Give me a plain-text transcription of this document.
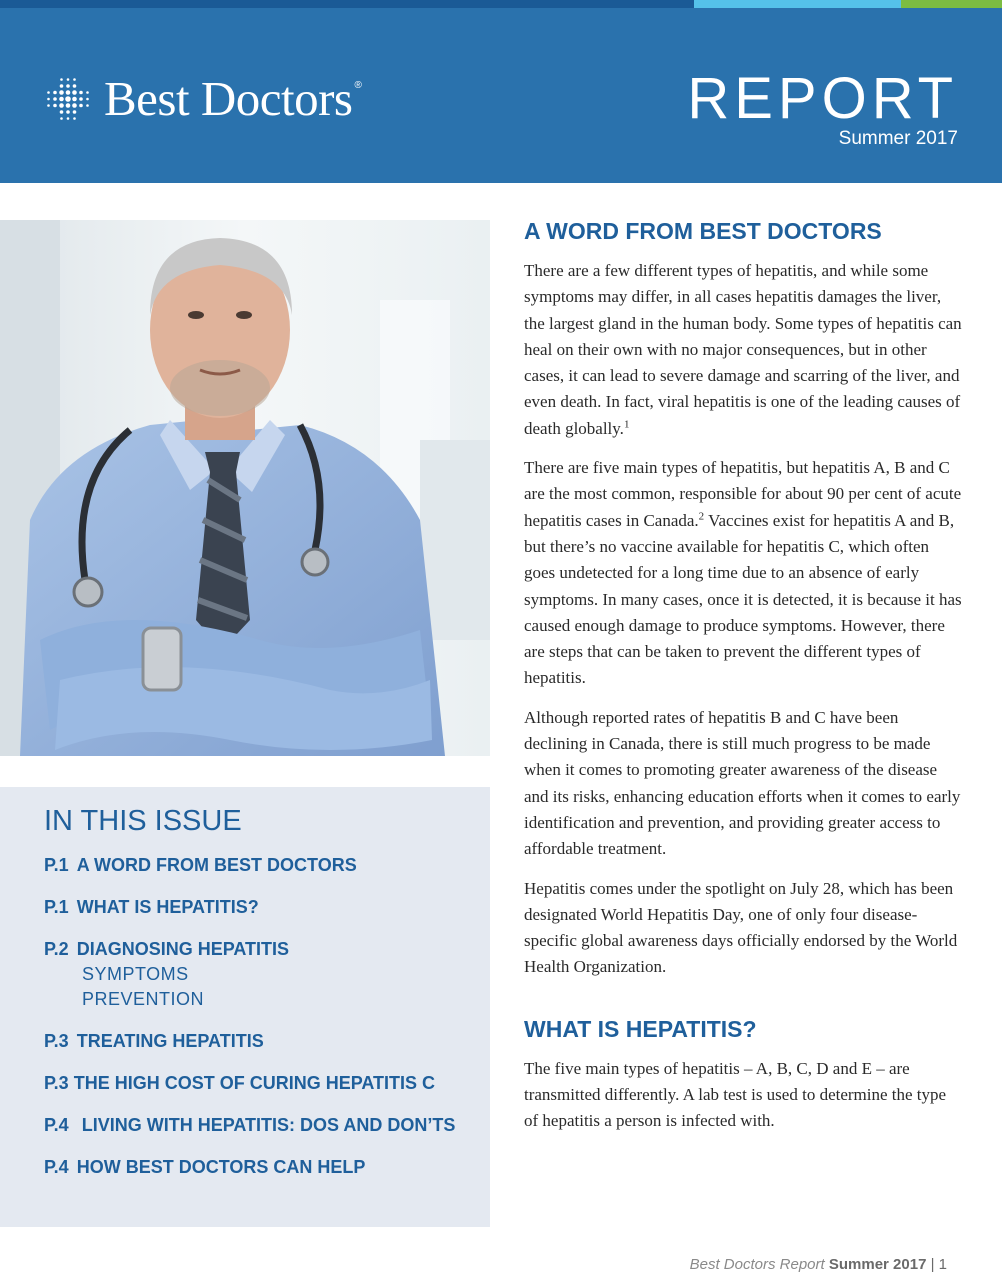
Best Doctors ®	REPORT
Summer 2017
IN THIS ISSUE
P.1 A WORD FROM BEST DOCTORS
P.1 WHAT IS HEPATITIS?
P.2 DIAGNOSING HEPATITIS
SYMPTOMS
PREVENTION
P.3 TREATING HEPATITIS
P.3 THE HIGH COST OF CURING HEPATITIS C
P.4 LIVING WITH HEPATITIS: DOS AND DON’TS
P.4 HOW BEST DOCTORS CAN HELP
A WORD FROM BEST DOCTORS

There are a few different types of hepatitis, and while some symptoms may differ, in all cases hepatitis damages the liver, the largest gland in the human body. Some types of hepatitis can heal on their own with no major consequences, but in other cases, it can lead to severe damage and scarring of the liver, and even death. In fact, viral hepatitis is one of the leading causes of death globally.$^1$

There are five main types of hepatitis, but hepatitis A, B and C are the most common, responsible for about 90 per cent of acute hepatitis cases in Canada.$^2$ Vaccines exist for hepatitis A and B, but there’s no vaccine available for hepatitis C, which often goes undetected for a long time due to an absence of early symptoms. In many cases, once it is detected, it is because it has caused enough damage to produce symptoms. However, there are steps that can be taken to prevent the different types of hepatitis.

Although reported rates of hepatitis B and C have been declining in Canada, there is still much progress to be made when it comes to promoting greater awareness of the disease and its risks, enhancing education efforts when it comes to early identification and prevention, and providing greater access to affordable treatment.

Hepatitis comes under the spotlight on July 28, which has been designated World Hepatitis Day, one of only four disease-specific global awareness days officially endorsed by the World Health Organization.

WHAT IS HEPATITIS?

The five main types of hepatitis – A, B, C, D and E – are transmitted differently. A lab test is used to determine the type of hepatitis a person is infected with.

Best Doctors Report Summer 2017 | 1
